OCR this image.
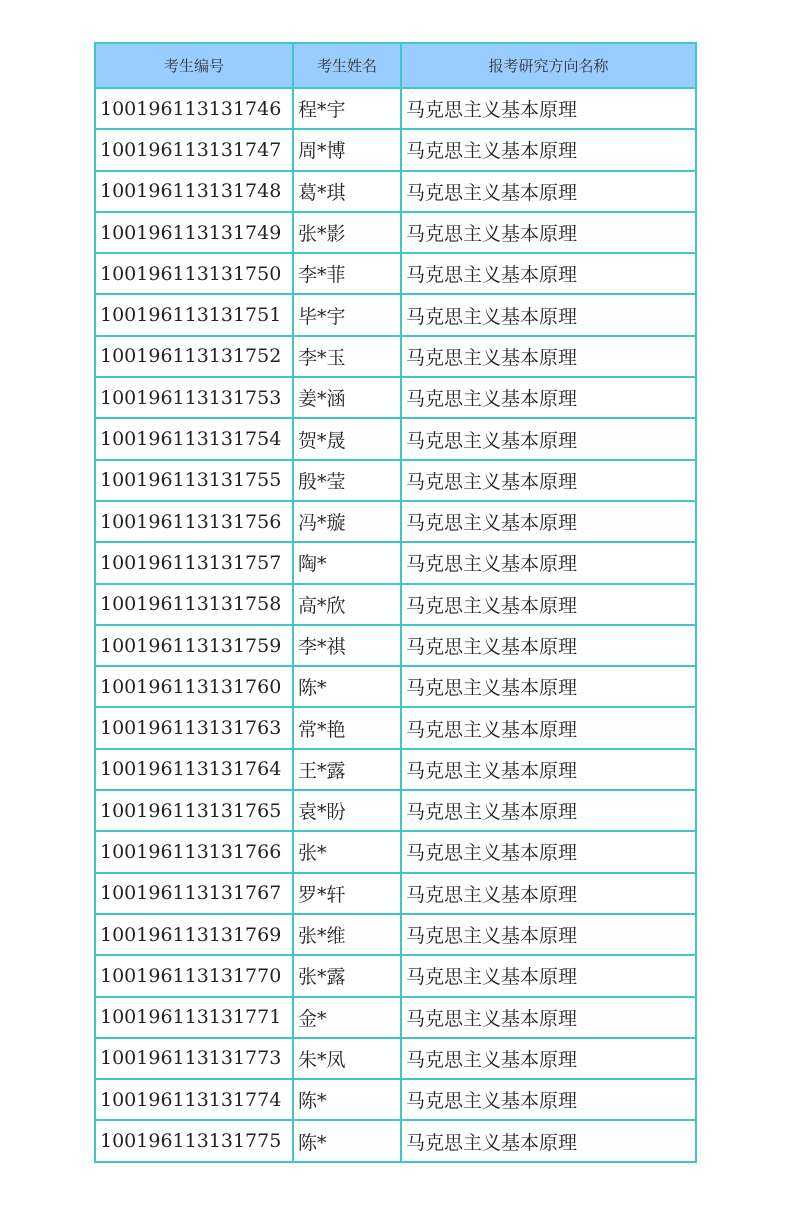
考生编号	考生姓名	报考研究方向名称
100196113131746	程*宇	马克思主义基本原理
100196113131747	周*博	马克思主义基本原理
100196113131748	葛*琪	马克思主义基本原理
100196113131749	张*影	马克思主义基本原理
100196113131750	李*菲	马克思主义基本原理
100196113131751	毕*宇	马克思主义基本原理
100196113131752	李*玉	马克思主义基本原理
100196113131753	姜*涵	马克思主义基本原理
100196113131754	贺*晟	马克思主义基本原理
100196113131755	殷*莹	马克思主义基本原理
100196113131756	冯*璇	马克思主义基本原理
100196113131757	陶*	马克思主义基本原理
100196113131758	高*欣	马克思主义基本原理
100196113131759	李*祺	马克思主义基本原理
100196113131760	陈*	马克思主义基本原理
100196113131763	常*艳	马克思主义基本原理
100196113131764	王*露	马克思主义基本原理
100196113131765	袁*盼	马克思主义基本原理
100196113131766	张*	马克思主义基本原理
100196113131767	罗*轩	马克思主义基本原理
100196113131769	张*维	马克思主义基本原理
100196113131770	张*露	马克思主义基本原理
100196113131771	金*	马克思主义基本原理
100196113131773	朱*凤	马克思主义基本原理
100196113131774	陈*	马克思主义基本原理
100196113131775	陈*	马克思主义基本原理
